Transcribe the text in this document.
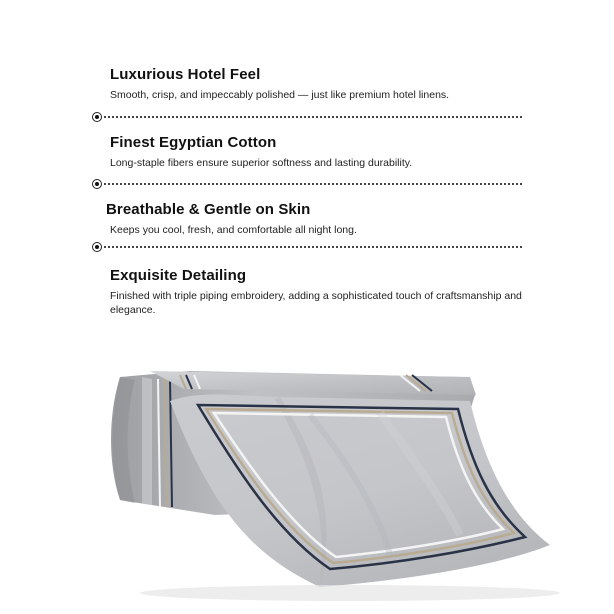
Luxurious Hotel Feel

Smooth, crisp, and impeccably polished — just like premium hotel linens.

Finest Egyptian Cotton

Long-staple fibers ensure superior softness and lasting durability.

Breathable & Gentle on Skin

Keeps you cool, fresh, and comfortable all night long.

Exquisite Detailing

Finished with triple piping embroidery, adding a sophisticated touch of craftsmanship and elegance.
